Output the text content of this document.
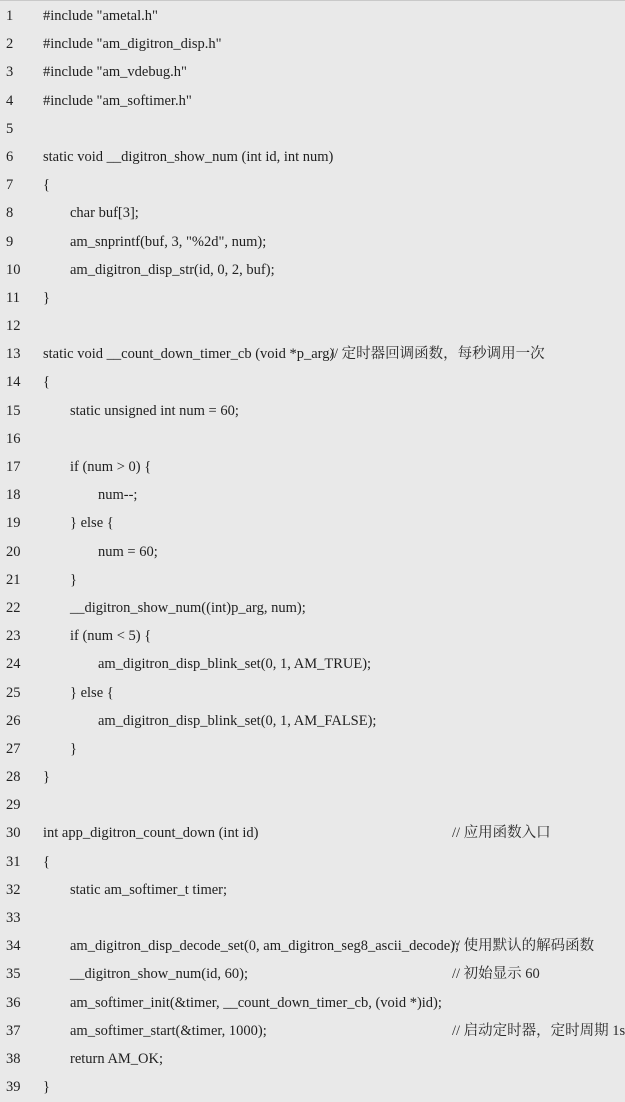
1 #include "ametal.h"
2 #include "am_digitron_disp.h"
3 #include "am_vdebug.h"
4 #include "am_softimer.h"
5
6 static void __digitron_show_num (int id, int num)
7 {
8	char buf[3];
9	am_snprintf(buf, 3, "%2d", num);
10	am_digitron_disp_str(id, 0, 2, buf);
11 }
12
13 static void __count_down_timer_cb (void *p_arg)
// 定时器回调函数，每秒调用一次
14 {
15	static unsigned int num = 60;
16
17	if (num > 0) {
18	num--;
19	} else {
20	num = 60;
21	}
22	__digitron_show_num((int)p_arg, num);
23	if (num < 5) {
24	am_digitron_disp_blink_set(0, 1, AM_TRUE);
25	} else {
26	am_digitron_disp_blink_set(0, 1, AM_FALSE);
27	}
28 }
29
30 int app_digitron_count_down (int id)	// 应用函数入口
31 {
32	static am_softimer_t timer;
33
34	am_digitron_disp_decode_set(0, am_digitron_seg8_ascii_decode);
// 使用默认的解码函数
35	__digitron_show_num(id, 60);	// 初始显示 60
36	am_softimer_init(&timer, __count_down_timer_cb, (void *)id);
37	am_softimer_start(&timer, 1000);	// 启动定时器，定时周期 1s
38	return AM_OK;
39 }
